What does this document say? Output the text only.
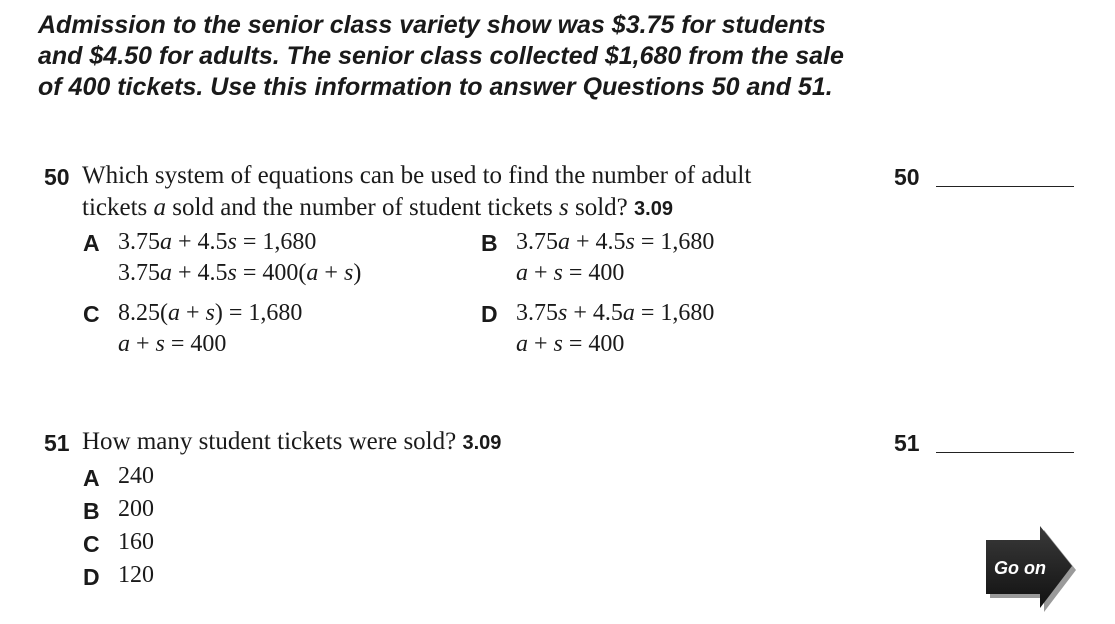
Admission to the senior class variety show was $3.75 for students and $4.50 for adults. The senior class collected $1,680 from the sale of 400 tickets. Use this information to answer Questions 50 and 51.
50 Which system of equations can be used to find the number of adult
tickets a sold and the number of student tickets s sold? 3.09
A 3.75a + 4.5s = 1,680
3.75a + 4.5s = 400(a + s)
B 3.75a + 4.5s = 1,680
a + s = 400
C 8.25(a + s) = 1,680
a + s = 400
D 3.75s + 4.5a = 1,680
a + s = 400
50
51 How many student tickets were sold? 3.09
A 240
B 200
C 160
D 120
51
Go on
